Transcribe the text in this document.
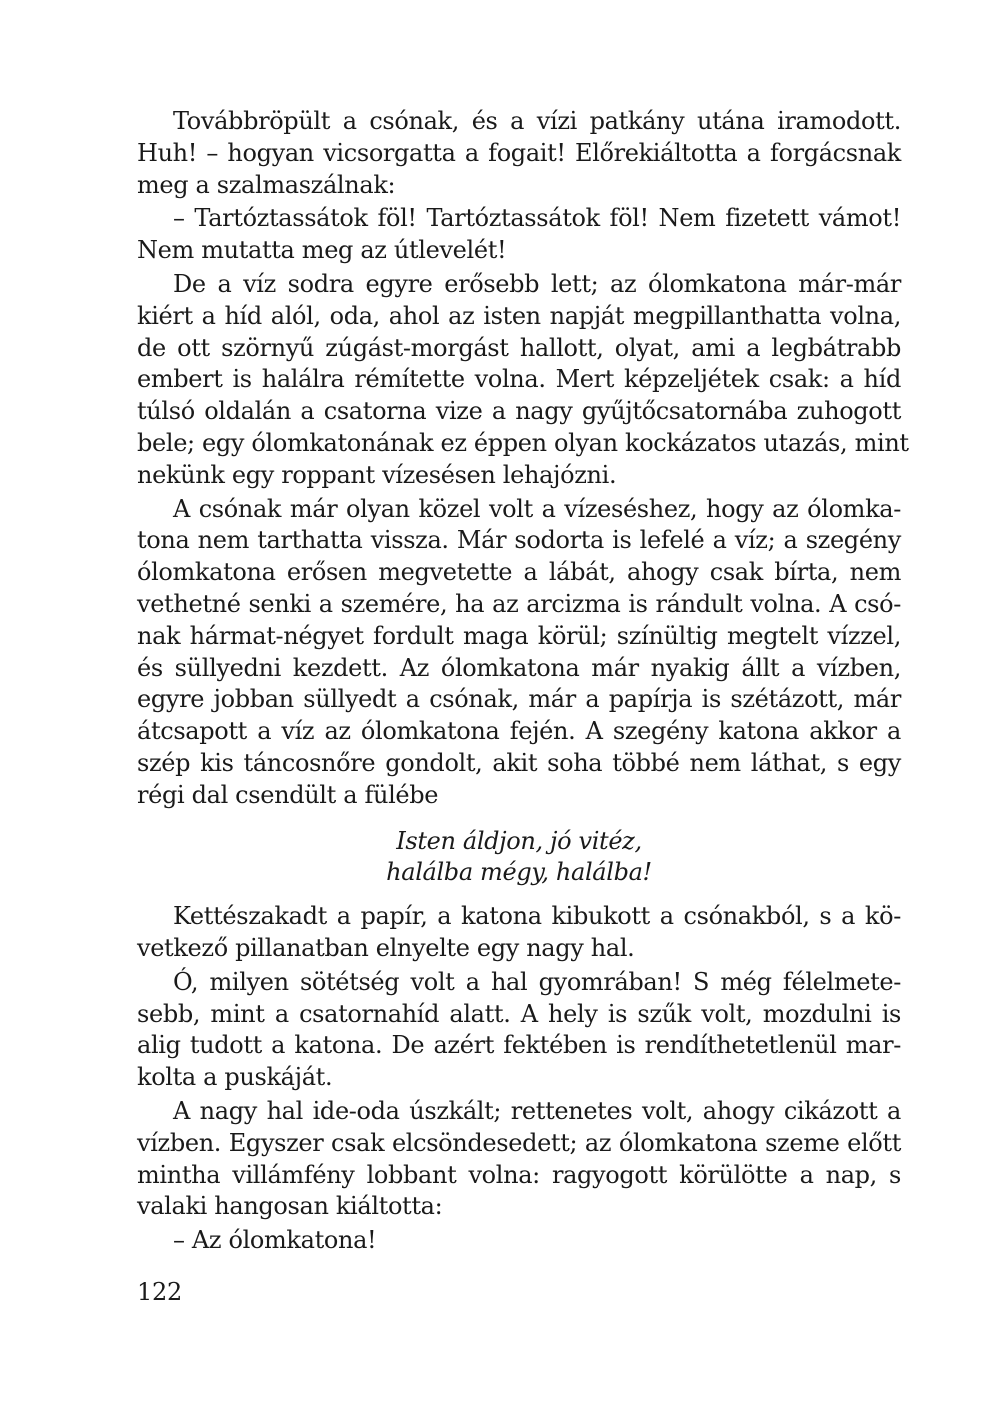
Továbbröpült a csónak, és a vízi patkány utána iramodott.
Huh! – hogyan vicsorgatta a fogait! Előrekiáltotta a forgácsnak
meg a szalmaszálnak:
– Tartóztassátok föl! Tartóztassátok föl! Nem fizetett vámot!
Nem mutatta meg az útlevelét!
De a víz sodra egyre erősebb lett; az ólomkatona már-már
kiért a híd alól, oda, ahol az isten napját megpillanthatta volna,
de ott szörnyű zúgást-morgást hallott, olyat, ami a legbátrabb
embert is halálra rémítette volna. Mert képzeljétek csak: a híd
túlsó oldalán a csatorna vize a nagy gyűjtőcsatornába zuhogott
bele; egy ólomkatonának ez éppen olyan kockázatos utazás, mint
nekünk egy roppant vízesésen lehajózni.
A csónak már olyan közel volt a vízeséshez, hogy az ólomka-
tona nem tarthatta vissza. Már sodorta is lefelé a víz; a szegény
ólomkatona erősen megvetette a lábát, ahogy csak bírta, nem
vethetné senki a szemére, ha az arcizma is rándult volna. A csó-
nak hármat-négyet fordult maga körül; színültig megtelt vízzel,
és süllyedni kezdett. Az ólomkatona már nyakig állt a vízben,
egyre jobban süllyedt a csónak, már a papírja is szétázott, már
átcsapott a víz az ólomkatona fején. A szegény katona akkor a
szép kis táncosnőre gondolt, akit soha többé nem láthat, s egy
régi dal csendült a fülébe
Isten áldjon, jó vitéz,
halálba mégy, halálba!
Kettészakadt a papír, a katona kibukott a csónakból, s a kö-
vetkező pillanatban elnyelte egy nagy hal.
Ó, milyen sötétség volt a hal gyomrában! S még félelmete-
sebb, mint a csatornahíd alatt. A hely is szűk volt, mozdulni is
alig tudott a katona. De azért fektében is rendíthetetlenül mar-
kolta a puskáját.
A nagy hal ide-oda úszkált; rettenetes volt, ahogy cikázott a
vízben. Egyszer csak elcsöndesedett; az ólomkatona szeme előtt
mintha villámfény lobbant volna: ragyogott körülötte a nap, s
valaki hangosan kiáltotta:
– Az ólomkatona!
122
